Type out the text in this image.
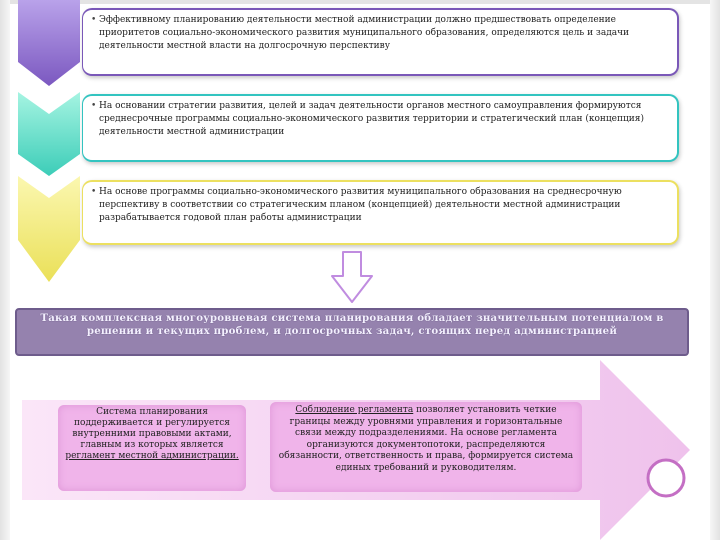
• Эффективному планированию деятельности местной администрации должно предшествовать определение приоритетов социально-экономического развития муниципального образования, определяются цель и задачи деятельности местной власти на долгосрочную перспективу
• На основании стратегии развития, целей и задач деятельности органов местного самоуправления формируются среднесрочные программы социально-экономического развития территории и стратегический план (концепция) деятельности местной администрации
• На основе программы социально-экономического развития муниципального образования на среднесрочную перспективу в соответствии со стратегическим планом (концепцией) деятельности местной администрации разрабатывается годовой план работы администрации
Такая комплексная многоуровневая система планирования обладает значительным потенциалом в решении и текущих проблем, и долгосрочных задач, стоящих перед администрацией
Система планирования поддерживается и регулируется внутренними правовыми актами, главным из которых является регламент местной администрации.
Соблюдение регламента позволяет установить четкие границы между уровнями управления и горизонтальные связи между подразделениями. На основе регламента организуются документопотоки, распределяются обязанности, ответственность и права, формируется система единых требований и руководителям.
